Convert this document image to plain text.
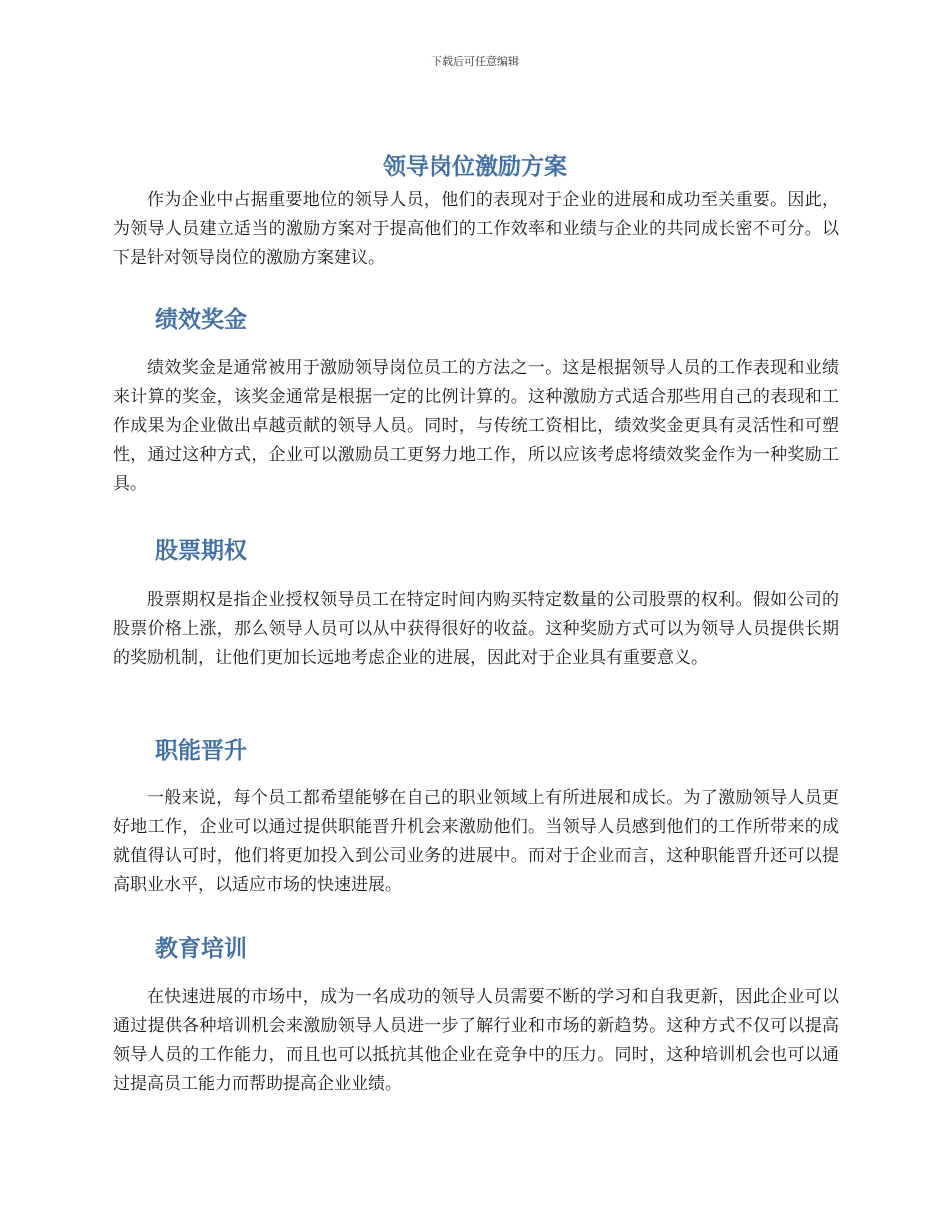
下载后可任意编辑
领导岗位激励方案

作为企业中占据重要地位的领导人员，他们的表现对于企业的进展和成功至关重要。因此，为领导人员建立适当的激励方案对于提高他们的工作效率和业绩与企业的共同成长密不可分。以下是针对领导岗位的激励方案建议。

绩效奖金

绩效奖金是通常被用于激励领导岗位员工的方法之一。这是根据领导人员的工作表现和业绩来计算的奖金，该奖金通常是根据一定的比例计算的。这种激励方式适合那些用自己的表现和工作成果为企业做出卓越贡献的领导人员。同时，与传统工资相比，绩效奖金更具有灵活性和可塑性，通过这种方式，企业可以激励员工更努力地工作，所以应该考虑将绩效奖金作为一种奖励工具。

股票期权

股票期权是指企业授权领导员工在特定时间内购买特定数量的公司股票的权利。假如公司的股票价格上涨，那么领导人员可以从中获得很好的收益。这种奖励方式可以为领导人员提供长期的奖励机制，让他们更加长远地考虑企业的进展，因此对于企业具有重要意义。

职能晋升

一般来说，每个员工都希望能够在自己的职业领域上有所进展和成长。为了激励领导人员更好地工作，企业可以通过提供职能晋升机会来激励他们。当领导人员感到他们的工作所带来的成就值得认可时，他们将更加投入到公司业务的进展中。而对于企业而言，这种职能晋升还可以提高职业水平，以适应市场的快速进展。

教育培训

在快速进展的市场中，成为一名成功的领导人员需要不断的学习和自我更新，因此企业可以通过提供各种培训机会来激励领导人员进一步了解行业和市场的新趋势。这种方式不仅可以提高领导人员的工作能力，而且也可以抵抗其他企业在竞争中的压力。同时，这种培训机会也可以通过提高员工能力而帮助提高企业业绩。
